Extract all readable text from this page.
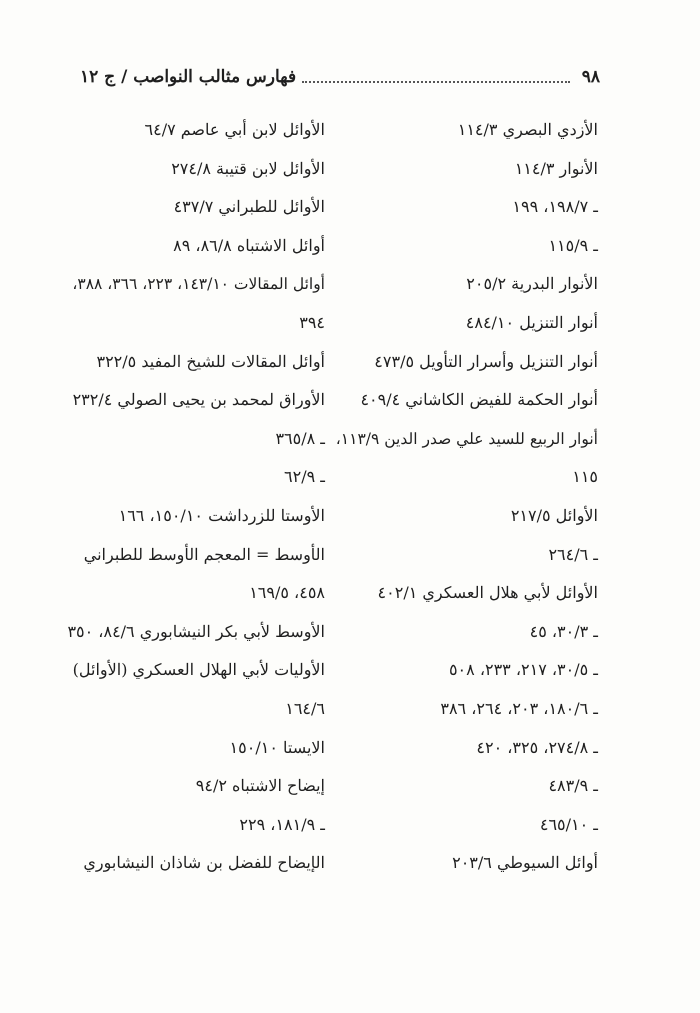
٩٨
فهارس مثالب النواصب / ج ١٢
الأزدي البصري ١١٤/٣
الأنوار ١١٤/٣
ـ ١٩٨/٧، ١٩٩
ـ ١١٥/٩
الأنوار البدرية ٢٠٥/٢
أنوار التنزيل ٤٨٤/١٠
أنوار التنزيل وأسرار التأويل ٤٧٣/٥
أنوار الحكمة للفيض الكاشاني ٤٠٩/٤
أنوار الربيع للسيد علي صدر الدين ١١٣/٩،
١١٥
الأوائل ٢١٧/٥
ـ ٢٦٤/٦
الأوائل لأبي هلال العسكري ٤٠٢/١
ـ ٣٠/٣، ٤٥
ـ ٣٠/٥، ٢١٧، ٢٣٣، ٥٠٨
ـ ١٨٠/٦، ٢٠٣، ٢٦٤، ٣٨٦
ـ ٢٧٤/٨، ٣٢٥، ٤٢٠
ـ ٤٨٣/٩
ـ ٤٦٥/١٠
أوائل السيوطي ٢٠٣/٦
الأوائل لابن أبي عاصم ٦٤/٧
الأوائل لابن قتيبة ٢٧٤/٨
الأوائل للطبراني ٤٣٧/٧
أوائل الاشتباه ٨٦/٨، ٨٩
أوائل المقالات ١٤٣/١٠، ٢٢٣، ٣٦٦، ٣٨٨،
٣٩٤
أوائل المقالات للشيخ المفيد ٣٢٢/٥
الأوراق لمحمد بن يحيى الصولي ٢٣٢/٤
ـ ٣٦٥/٨
ـ ٦٢/٩
الأوستا للزرداشت ١٥٠/١٠، ١٦٦
الأوسط = المعجم الأوسط للطبراني
٤٥٨، ١٦٩/٥
الأوسط لأبي بكر النيشابوري ٨٤/٦، ٣٥٠
الأوليات لأبي الهلال العسكري (الأوائل)
١٦٤/٦
الايستا ١٥٠/١٠
إيضاح الاشتباه ٩٤/٢
ـ ١٨١/٩، ٢٢٩
الإيضاح للفضل بن شاذان النيشابوري
